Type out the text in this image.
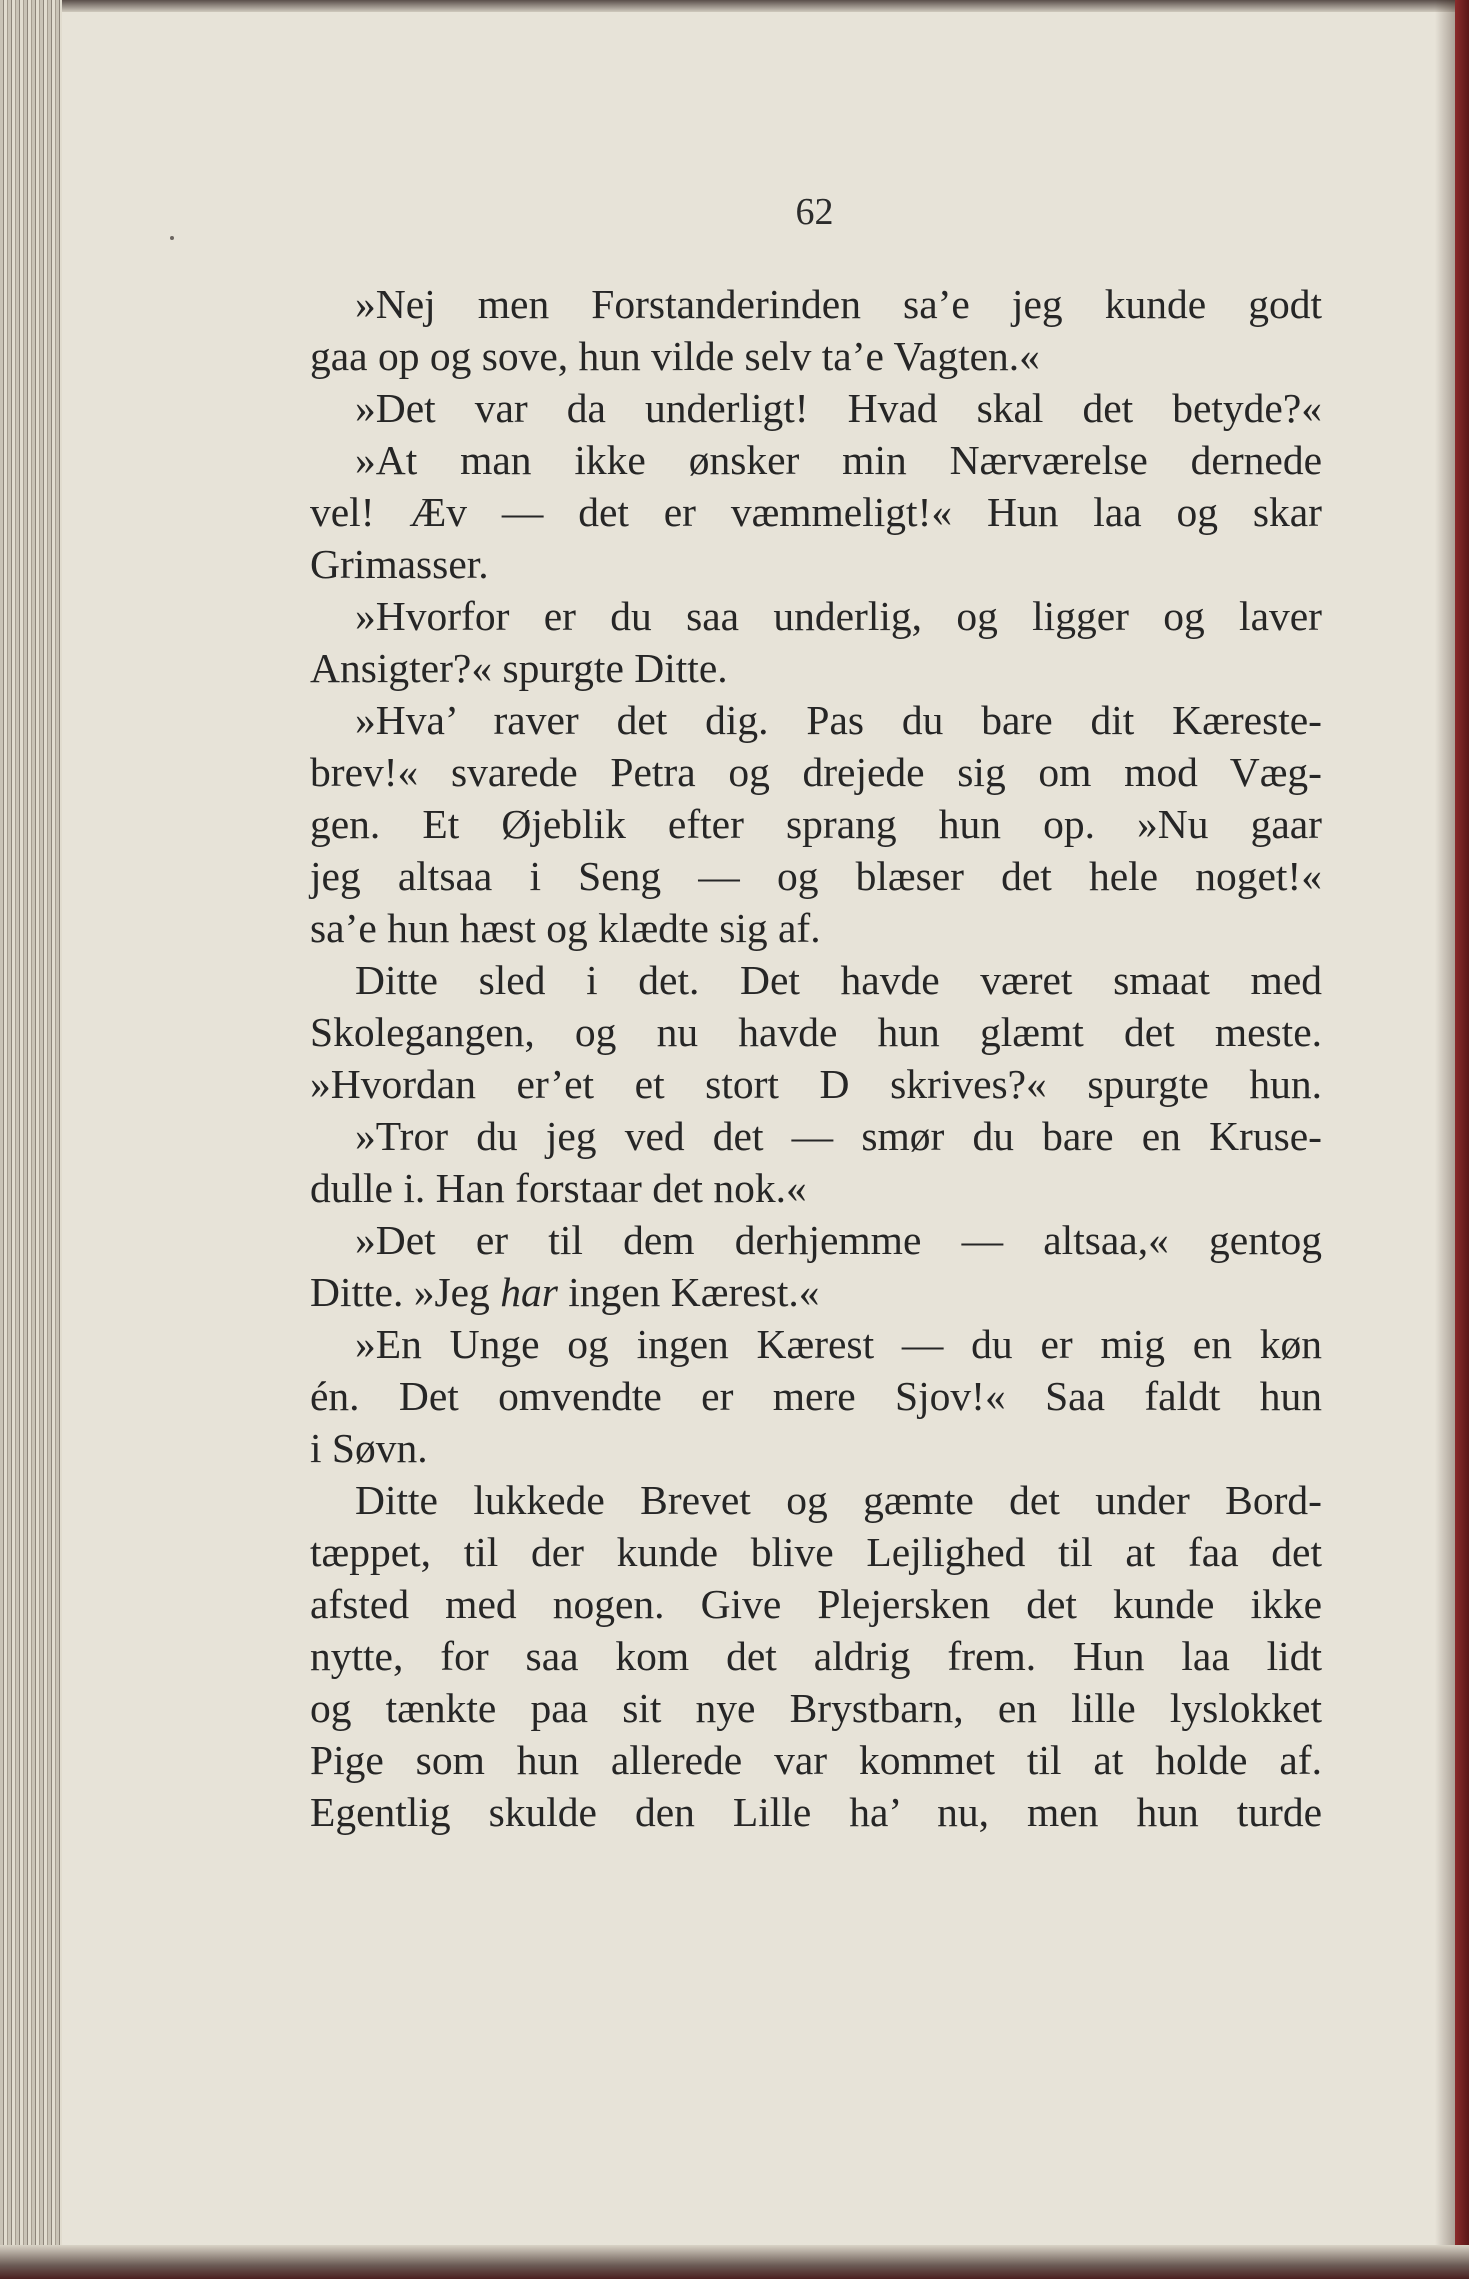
62
»Nej men Forstanderinden sa’e jeg kunde godt
gaa op og sove, hun vilde selv ta’e Vagten.«
»Det var da underligt! Hvad skal det betyde?«
»At man ikke ønsker min Nærværelse dernede
vel! Æv — det er væmmeligt!« Hun laa og skar
Grimasser.
»Hvorfor er du saa underlig, og ligger og laver
Ansigter?« spurgte Ditte.
»Hva’ raver det dig. Pas du bare dit Kæreste-
brev!« svarede Petra og drejede sig om mod Væg-
gen. Et Øjeblik efter sprang hun op. »Nu gaar
jeg altsaa i Seng — og blæser det hele noget!«
sa’e hun hæst og klædte sig af.
Ditte sled i det. Det havde været smaat med
Skolegangen, og nu havde hun glæmt det meste.
»Hvordan er’et et stort D skrives?« spurgte hun.
»Tror du jeg ved det — smør du bare en Kruse-
dulle i. Han forstaar det nok.«
»Det er til dem derhjemme — altsaa,« gentog
Ditte. »Jeg har ingen Kærest.«
»En Unge og ingen Kærest — du er mig en køn
én. Det omvendte er mere Sjov!« Saa faldt hun
i Søvn.
Ditte lukkede Brevet og gæmte det under Bord-
tæppet, til der kunde blive Lejlighed til at faa det
afsted med nogen. Give Plejersken det kunde ikke
nytte, for saa kom det aldrig frem. Hun laa lidt
og tænkte paa sit nye Brystbarn, en lille lyslokket
Pige som hun allerede var kommet til at holde af.
Egentlig skulde den Lille ha’ nu, men hun turde
